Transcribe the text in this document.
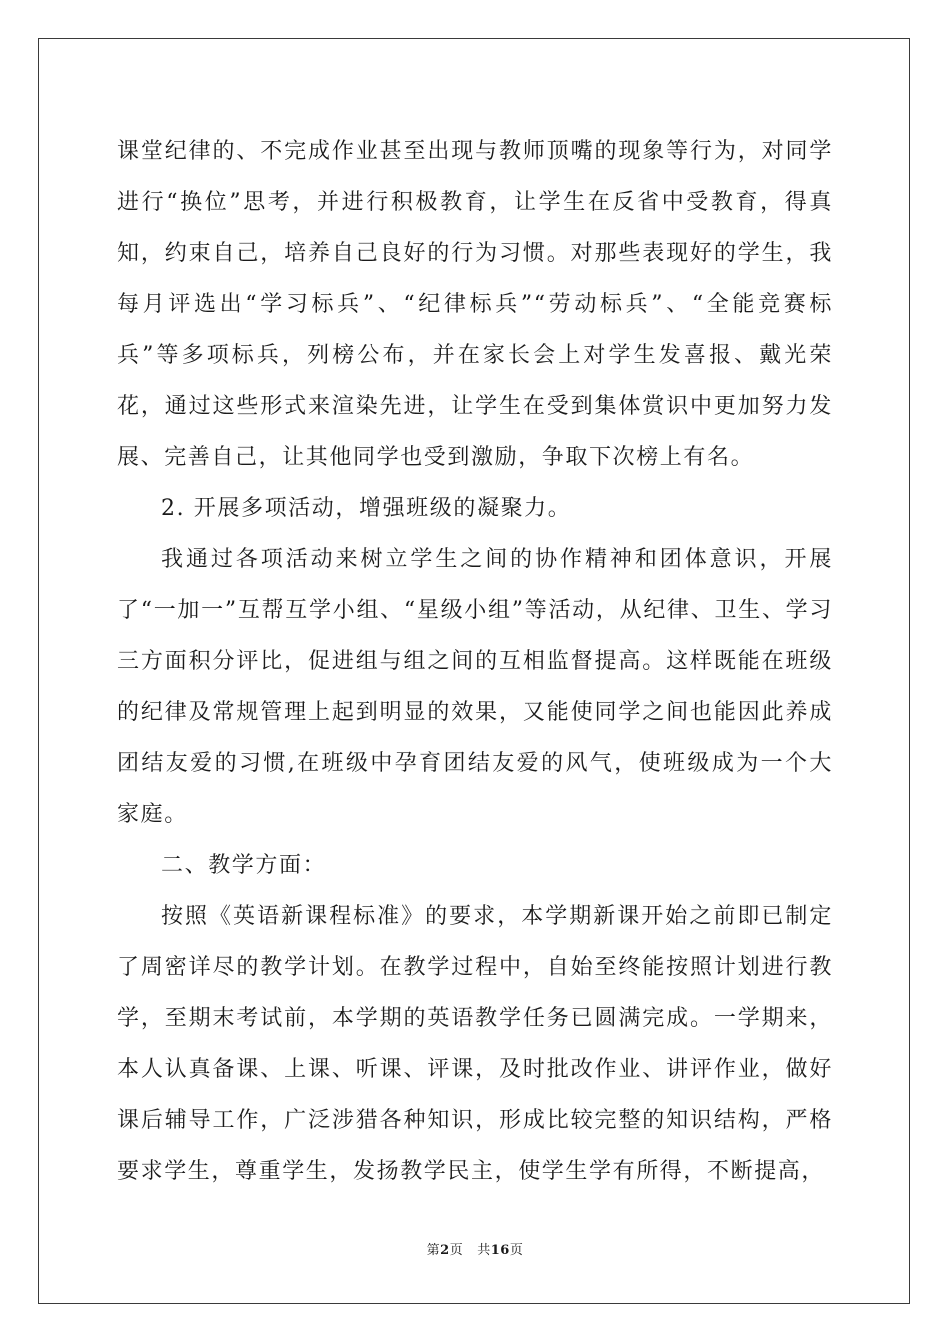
课堂纪律的、不完成作业甚至出现与教师顶嘴的现象等行为，对同学进行“换位”思考，并进行积极教育，让学生在反省中受教育，得真知，约束自己，培养自己良好的行为习惯。对那些表现好的学生，我每月评选出“学习标兵”、“纪律标兵”“劳动标兵”、“全能竞赛标兵”等多项标兵，列榜公布，并在家长会上对学生发喜报、戴光荣花，通过这些形式来渲染先进，让学生在受到集体赏识中更加努力发展、完善自己，让其他同学也受到激励，争取下次榜上有名。

2. 开展多项活动，增强班级的凝聚力。

我通过各项活动来树立学生之间的协作精神和团体意识，开展了“一加一”互帮互学小组、“星级小组”等活动，从纪律、卫生、学习三方面积分评比，促进组与组之间的互相监督提高。这样既能在班级的纪律及常规管理上起到明显的效果，又能使同学之间也能因此养成团结友爱的习惯,在班级中孕育团结友爱的风气，使班级成为一个大家庭。

二、教学方面：

按照《英语新课程标准》的要求，本学期新课开始之前即已制定了周密详尽的教学计划。在教学过程中，自始至终能按照计划进行教学，至期末考试前，本学期的英语教学任务已圆满完成。一学期来，本人认真备课、上课、听课、评课，及时批改作业、讲评作业，做好课后辅导工作，广泛涉猎各种知识，形成比较完整的知识结构，严格要求学生，尊重学生，发扬教学民主，使学生学有所得，不断提高，

第2页 共16页
